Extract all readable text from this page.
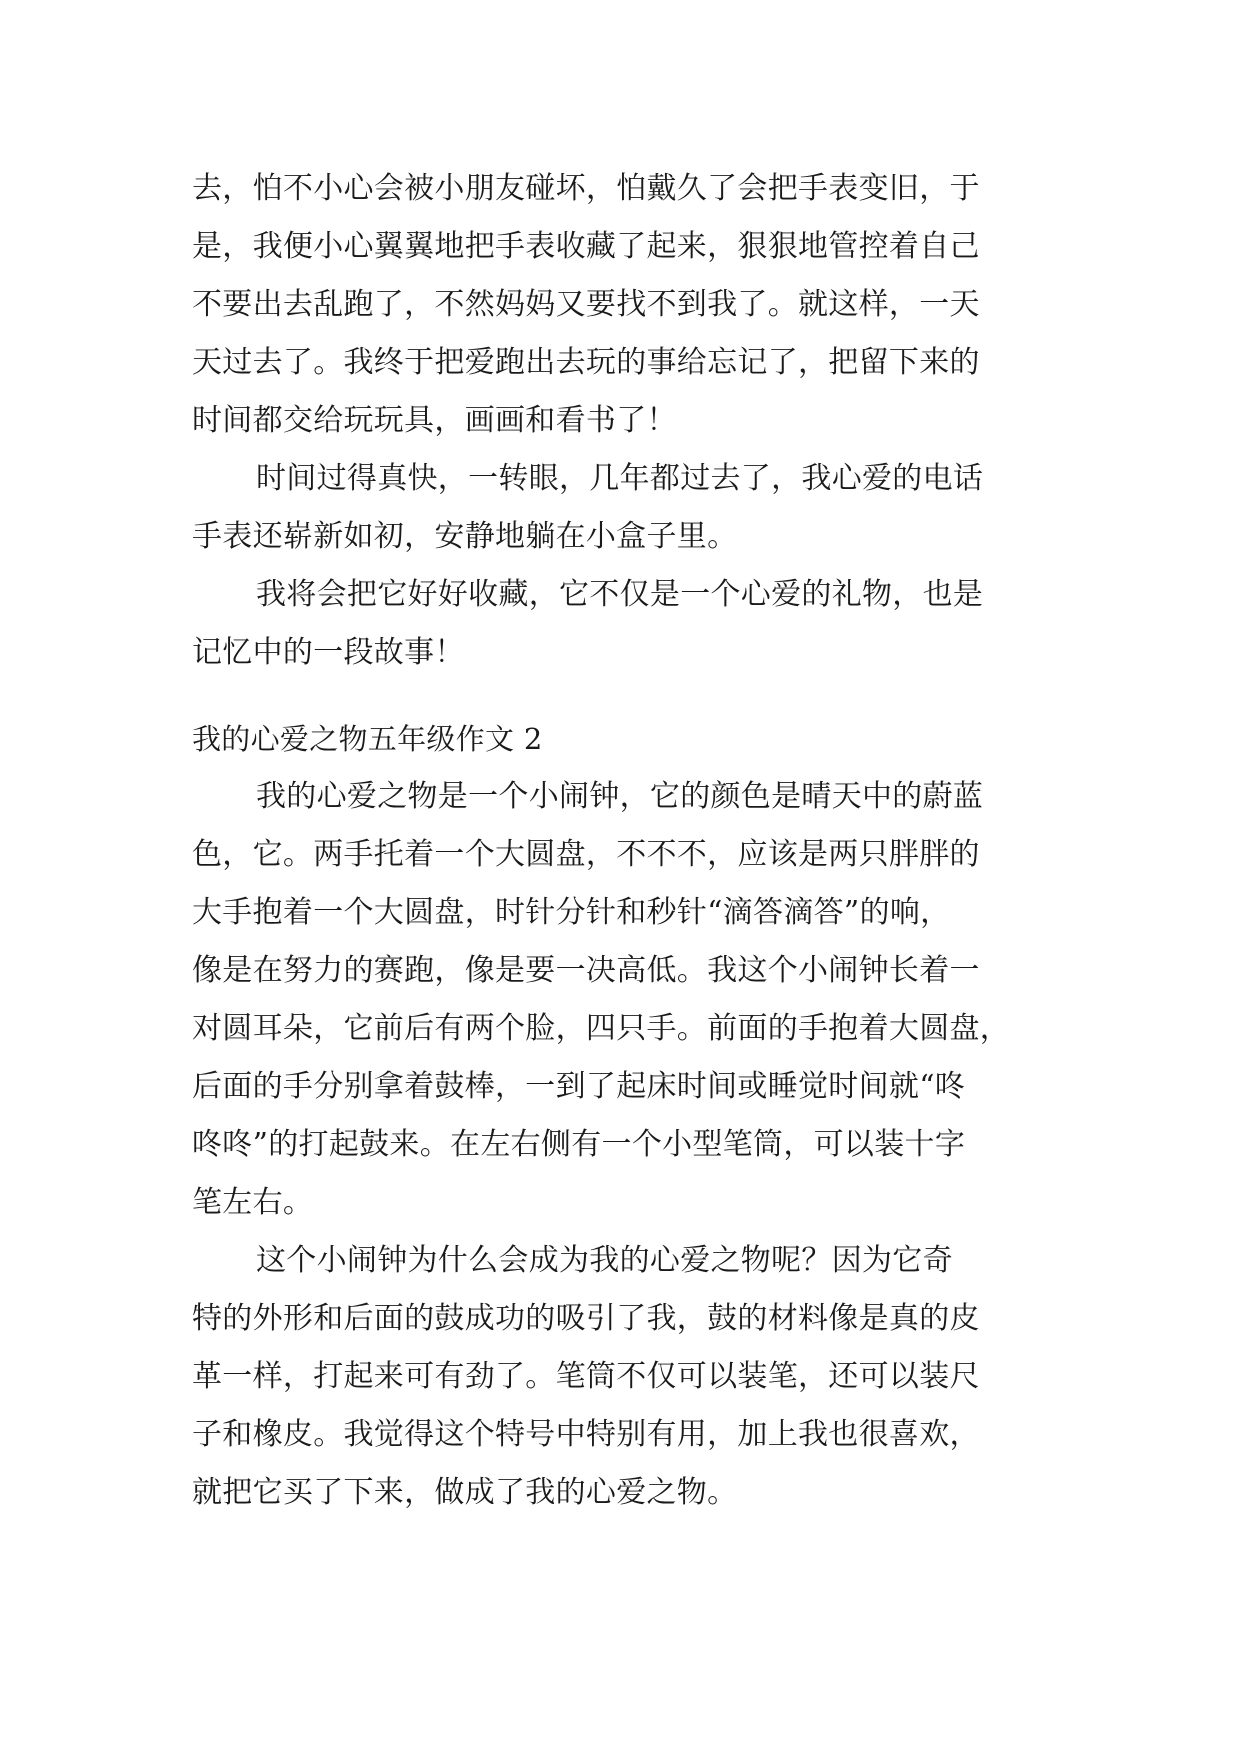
去，怕不小心会被小朋友碰坏，怕戴久了会把手表变旧，于
是，我便小心翼翼地把手表收藏了起来，狠狠地管控着自己
不要出去乱跑了，不然妈妈又要找不到我了。就这样，一天
天过去了。我终于把爱跑出去玩的事给忘记了，把留下来的
时间都交给玩玩具，画画和看书了！
时间过得真快，一转眼，几年都过去了，我心爱的电话
手表还崭新如初，安静地躺在小盒子里。
我将会把它好好收藏，它不仅是一个心爱的礼物，也是
记忆中的一段故事！
我的心爱之物五年级作文 2
我的心爱之物是一个小闹钟，它的颜色是晴天中的蔚蓝
色，它。两手托着一个大圆盘，不不不，应该是两只胖胖的
大手抱着一个大圆盘，时针分针和秒针“滴答滴答”的响，
像是在努力的赛跑，像是要一决高低。我这个小闹钟长着一
对圆耳朵，它前后有两个脸，四只手。前面的手抱着大圆盘，
后面的手分别拿着鼓棒，一到了起床时间或睡觉时间就“咚
咚咚”的打起鼓来。在左右侧有一个小型笔筒，可以装十字
笔左右。
这个小闹钟为什么会成为我的心爱之物呢？因为它奇
特的外形和后面的鼓成功的吸引了我，鼓的材料像是真的皮
革一样，打起来可有劲了。笔筒不仅可以装笔，还可以装尺
子和橡皮。我觉得这个特号中特别有用，加上我也很喜欢，
就把它买了下来，做成了我的心爱之物。
